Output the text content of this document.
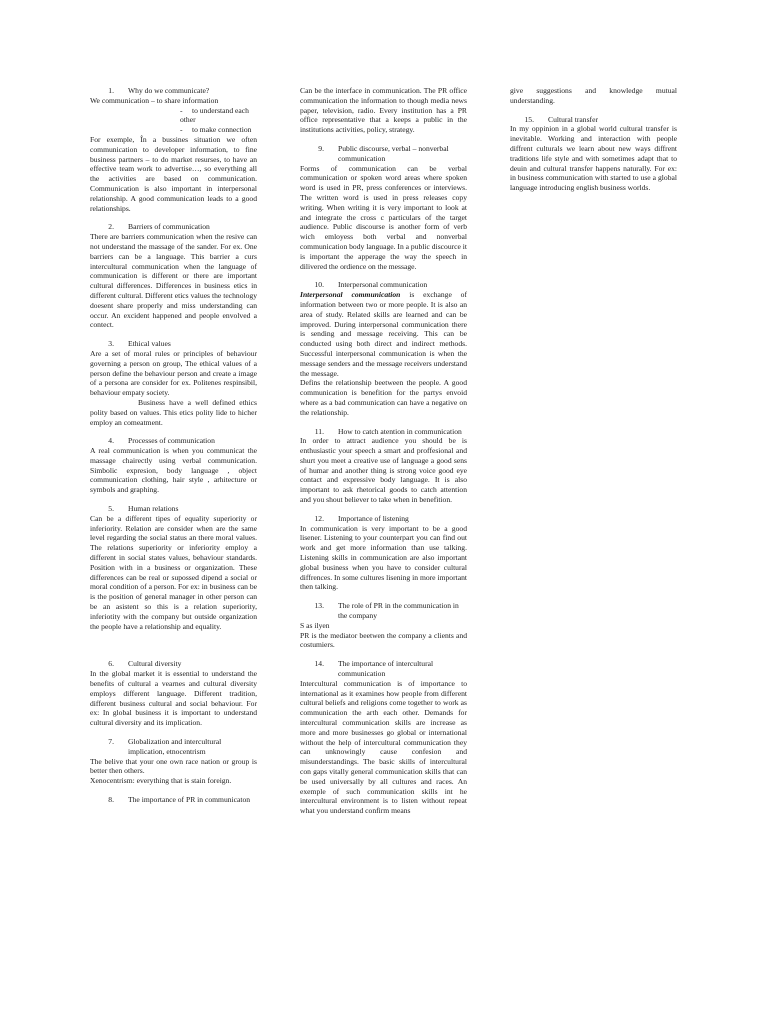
1.	Why do we communicate?
We communication – to share information
- to understand each other
- to make connection
For exemple, În a bussines situation we often communication to developer information, to fine business partners – to do market resurses, to have an effective team work to advertise…, so everything all the activities are based on communication. Communication is also important in interpersonal relationship. A good communication leads to a good relationships.
2.	Barriers of communication
There are barriers communication when the resive can not understand the massage of the sander. For ex. One barriers can be a language. This barrier a curs intercultural communication when the language of communication is different or there are important cultural differences. Differences in business etics in different cultural. Different etics values the technology doesent share properly and miss understanding can occur. An excident happened and people envolved a contect.
3.	Ethical values
Are a set of moral rules or principles of behaviour governing a person on group, The ethical values of a person define the behaviour person and create a image of a persona are consider for ex. Politenes respinsibil, behaviour empaty society.
Business have a well defined ethics polity based on values. This etics polity lide to hicher employ an comeatment.
4.	Processes of communication
A real communication is when you communicat the massage chairectly using verbal communication. Simbolic expresion, body language , object communication clothing, hair style , arhitecture or symbols and graphing.
5.	Human relations
Can be a different tipes of equality superiority or inferiority. Relation are consider when are the same level regarding the social status an there moral values. The relations superiority or inferiority employ a different in social states values, behaviour standards. Position with in a business or organization. These differences can be real or supossed dipend a social or moral condition of a person. For ex: in business can be is the position of general manager in other person can be an asistent so this is a relation superiority, inferiotity with the company but outside organization the people have a relationship and equality.
6.	Cultural diversity
In the global market it is essential to understand the benefits of cultural a vearnes and cultural diversity employs different language. Different tradition, different business cultural and social behaviour. For ex: In global business it is important to understand cultural diversity and its implication.
7.	Globalization and intercultural implication, etnocentrism
The belive that your one own race nation or group is better then others.
Xenocentrism: everything that is stain foreign.
8.	The importance of PR in communicaton
Can be the interface in communication. The PR office communication the information to though media news paper, television, radio. Every institution has a PR office representative that a keeps a public in the institutions activities, policy, strategy.
9.	Public discourse, verbal – nonverbal communication
Forms of communication can be verbal communication or spoken word areas where spoken word is used in PR, press conferences or interviews. The written word is used in press releases copy writing. When writing it is very important to look at and integrate the cross c particulars of the target audience. Public discourse is another form of verb wich emloyess both verbal and nonverbal communication body language. In a public discource it is important the apperage the way the speech in dilivered the ordience on the message.
10.	Interpersonal communication
Interpersonal communication is exchange of information between two or more people. It is also an area of study. Related skills are learned and can be improved. During interpersonal communication there is sending and message receiving. This can be conducted using both direct and indirect methods. Successful interpersonal communication is when the message senders and the message receivers understand the message.
Defins the relationship beetween the people. A good communication is benefition for the partys envoid where as a bad communication can have a negative on the relationship.
11.	How to catch atention in communication
In order to attract audience you should be is enthusiastic your speech a smart and proffesional and shurt you meet a creative use of language a good sens of humar and another thing is strong voice good eye contact and expressive body language. It is also important to ask rhetorical goods to catch attention and you shout believer to take when in benefition.
12.	Importance of listening
In communication is very important to be a good lisener. Listening to your counterpart you can find out work and get more information than use talking. Listening skills in communication are also important global business when you have to consider cultural diffrences. In some cultures lisening in more important then talking.
13.	The role of PR in the communication in the company
S as ilyen
PR is the mediator beetwen the company a clients and costumiers.
14.	The importance of intercultural communication
Intercultural communication is of importance to international as it examines how people from different cultural beliefs and religions come together to work as communication the arth each other. Demands for intercultural communication skills are increase as more and more businesses go global or international without the help of intercultural communication they can unknowingly cause confesion and misunderstandings. The basic skills of intercultural con gaps vitally general communication skills that can be used universally by all cultures and races. An exemple of such communication skills int he intercultural environment is to listen without repeat what you understand confirm means
give suggestions and knowledge mutual understanding.
15.	Cultural transfer
In my oppinion in a global world cultural transfer is inevitable. Working and interaction with people diffrent culturals we learn about new ways diffrent traditions life style and with sometimes adapt that to deuin and cultural transfer happens naturally. For ex: in business communication with started to use a global language introducing english business worlds.
